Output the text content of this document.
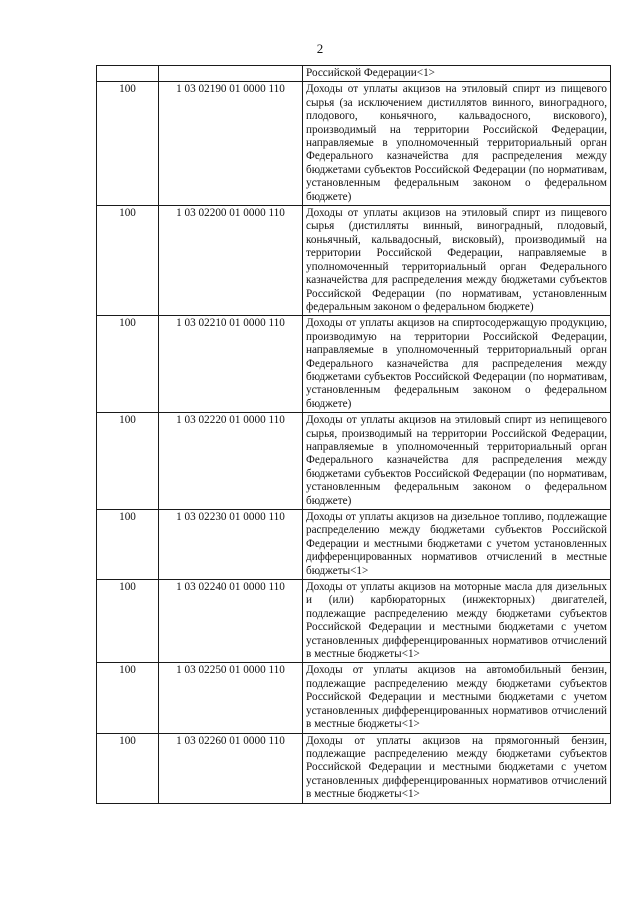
2
		Российской Федерации<1>
100	1 03 02190 01 0000 110	Доходы от уплаты акцизов на этиловый спирт из пищевого сырья (за исключением дистиллятов винного, виноградного, плодового, коньячного, кальвадосного, вискового), производимый на территории Российской Федерации, направляемые в уполномоченный территориальный орган Федерального казначейства для распределения между бюджетами субъектов Российской Федерации (по нормативам, установленным федеральным законом о федеральном бюджете)
100	1 03 02200 01 0000 110	Доходы от уплаты акцизов на этиловый спирт из пищевого сырья (дистилляты винный, виноградный, плодовый, коньячный, кальвадосный, висковый), производимый на территории Российской Федерации, направляемые в уполномоченный территориальный орган Федерального казначейства для распределения между бюджетами субъектов Российской Федерации (по нормативам, установленным федеральным законом о федеральном бюджете)
100	1 03 02210 01 0000 110	Доходы от уплаты акцизов на спиртосодержащую продукцию, производимую на территории Российской Федерации, направляемые в уполномоченный территориальный орган Федерального казначейства для распределения между бюджетами субъектов Российской Федерации (по нормативам, установленным федеральным законом о федеральном бюджете)
100	1 03 02220 01 0000 110	Доходы от уплаты акцизов на этиловый спирт из непищевого сырья, производимый на территории Российской Федерации, направляемые в уполномоченный территориальный орган Федерального казначейства для распределения между бюджетами субъектов Российской Федерации (по нормативам, установленным федеральным законом о федеральном бюджете)
100	1 03 02230 01 0000 110	Доходы от уплаты акцизов на дизельное топливо, подлежащие распределению между бюджетами субъектов Российской Федерации и местными бюджетами с учетом установленных дифференцированных нормативов отчислений в местные бюджеты<1>
100	1 03 02240 01 0000 110	Доходы от уплаты акцизов на моторные масла для дизельных и (или) карбюраторных (инжекторных) двигателей, подлежащие распределению между бюджетами субъектов Российской Федерации и местными бюджетами с учетом установленных дифференцированных нормативов отчислений в местные бюджеты<1>
100	1 03 02250 01 0000 110	Доходы от уплаты акцизов на автомобильный бензин, подлежащие распределению между бюджетами субъектов Российской Федерации и местными бюджетами с учетом установленных дифференцированных нормативов отчислений в местные бюджеты<1>
100	1 03 02260 01 0000 110	Доходы от уплаты акцизов на прямогонный бензин, подлежащие распределению между бюджетами субъектов Российской Федерации и местными бюджетами с учетом установленных дифференцированных нормативов отчислений в местные бюджеты<1>
